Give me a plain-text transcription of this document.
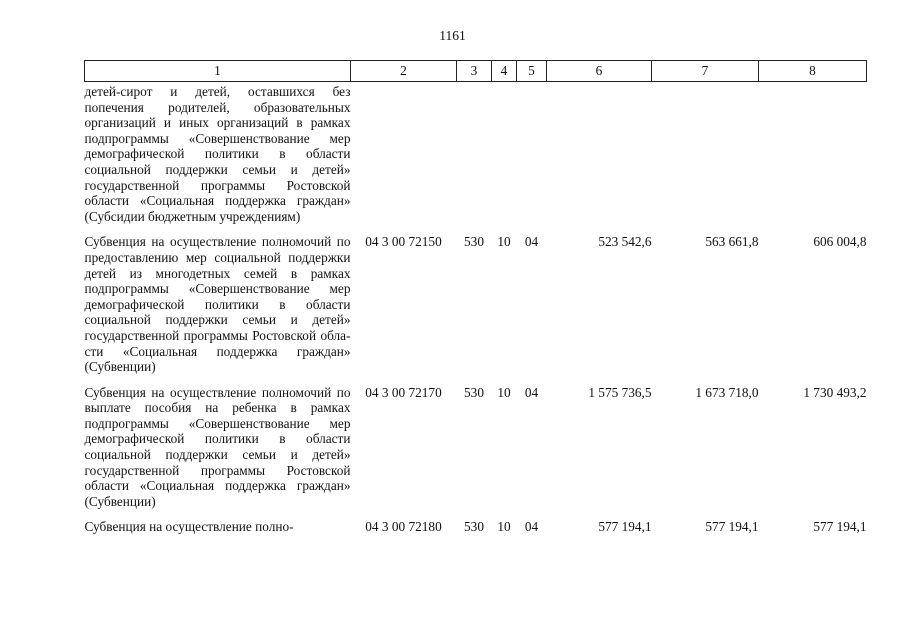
1161
1	2	3	4	5	6	7	8
детей-сирот и детей, оставшихся без попечения родителей, образовательных организаций и иных организаций в рамках подпрограммы «Совершенствование мер демографической политики в области социальной поддержки семьи и детей» государственной программы Ростовской области «Социальная поддержка граждан» (Субсидии бюджетным учреждениям)							
Субвенция на осуществление полномочий по предоставлению мер социальной поддержки детей из многодетных семей в рамках подпрограммы «Совершенствование мер демографической политики в области социальной поддержки семьи и детей» государственной программы Ростовской области «Социальная поддержка граждан» (Субвенции)	04 3 00 72150	530	10	04	523 542,6	563 661,8	606 004,8
Субвенция на осуществление полномочий по выплате пособия на ребенка в рамках подпрограммы «Совершенствование мер демографической политики в области социальной поддержки семьи и детей» государственной программы Ростовской области «Социальная поддержка граждан» (Субвенции)	04 3 00 72170	530	10	04	1 575 736,5	1 673 718,0	1 730 493,2
Субвенция на осуществление полно-	04 3 00 72180	530	10	04	577 194,1	577 194,1	577 194,1
